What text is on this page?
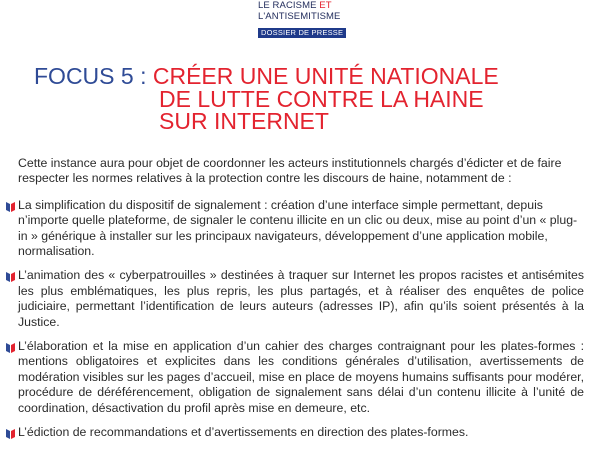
LE RACISME ET
L'ANTISEMITISME
DOSSIER DE PRESSE
FOCUS 5 : CRÉER UNE UNITÉ NATIONALE
DE LUTTE CONTRE LA HAINE
SUR INTERNET

Cette instance aura pour objet de coordonner les acteurs institutionnels chargés d’édicter et de faire respecter les normes relatives à la protection contre les discours de haine, notamment de :

La simplification du dispositif de signalement : création d’une interface simple permettant, depuis n’importe quelle plateforme, de signaler le contenu illicite en un clic ou deux, mise au point d’un « plug-in » générique à installer sur les principaux navigateurs, développement d’une application mobile, normalisation.
L’animation des « cyberpatrouilles » destinées à traquer sur Internet les propos racistes et antisémites les plus emblématiques, les plus repris, les plus partagés, et à réaliser des enquêtes de police judiciaire, permettant l’identification de leurs auteurs (adresses IP), afin qu’ils soient présentés à la Justice.
L’élaboration et la mise en application d’un cahier des charges contraignant pour les plates-formes : mentions obligatoires et explicites dans les conditions générales d’utilisation, avertissements de modération visibles sur les pages d’accueil, mise en place de moyens humains suffisants pour modérer, procédure de déréférencement, obligation de signalement sans délai d’un contenu illicite à l’unité de coordination, désactivation du profil après mise en demeure, etc.
L’édiction de recommandations et d’avertissements en direction des plates-formes.
